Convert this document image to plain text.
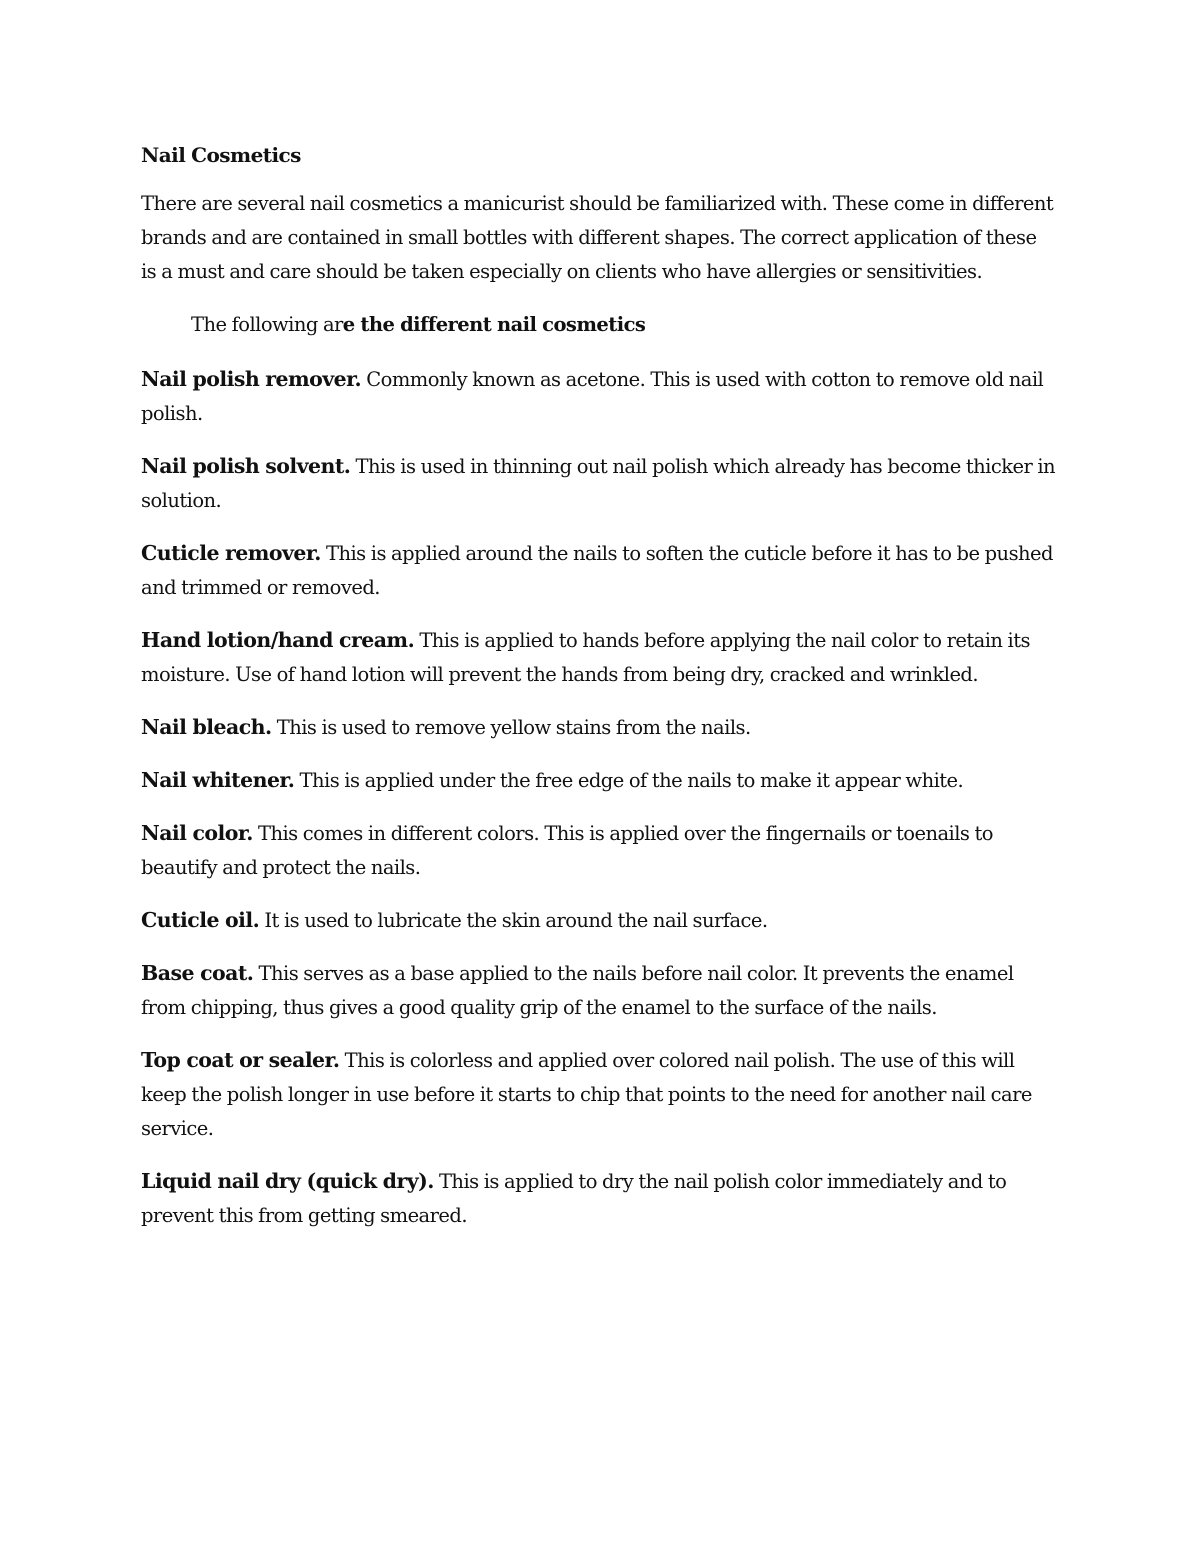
Nail Cosmetics

There are several nail cosmetics a manicurist should be familiarized with. These come in different brands and are contained in small bottles with different shapes. The correct application of these is a must and care should be taken especially on clients who have allergies or sensitivities.

The following are the different nail cosmetics

Nail polish remover. Commonly known as acetone. This is used with cotton to remove old nail polish.

Nail polish solvent. This is used in thinning out nail polish which already has become thicker in solution.

Cuticle remover. This is applied around the nails to soften the cuticle before it has to be pushed and trimmed or removed.

Hand lotion/hand cream. This is applied to hands before applying the nail color to retain its moisture. Use of hand lotion will prevent the hands from being dry, cracked and wrinkled.

Nail bleach. This is used to remove yellow stains from the nails.

Nail whitener. This is applied under the free edge of the nails to make it appear white.

Nail color. This comes in different colors. This is applied over the fingernails or toenails to beautify and protect the nails.

Cuticle oil. It is used to lubricate the skin around the nail surface.

Base coat. This serves as a base applied to the nails before nail color. It prevents the enamel from chipping, thus gives a good quality grip of the enamel to the surface of the nails.

Top coat or sealer. This is colorless and applied over colored nail polish. The use of this will keep the polish longer in use before it starts to chip that points to the need for another nail care service.

Liquid nail dry (quick dry). This is applied to dry the nail polish color immediately and to prevent this from getting smeared.
